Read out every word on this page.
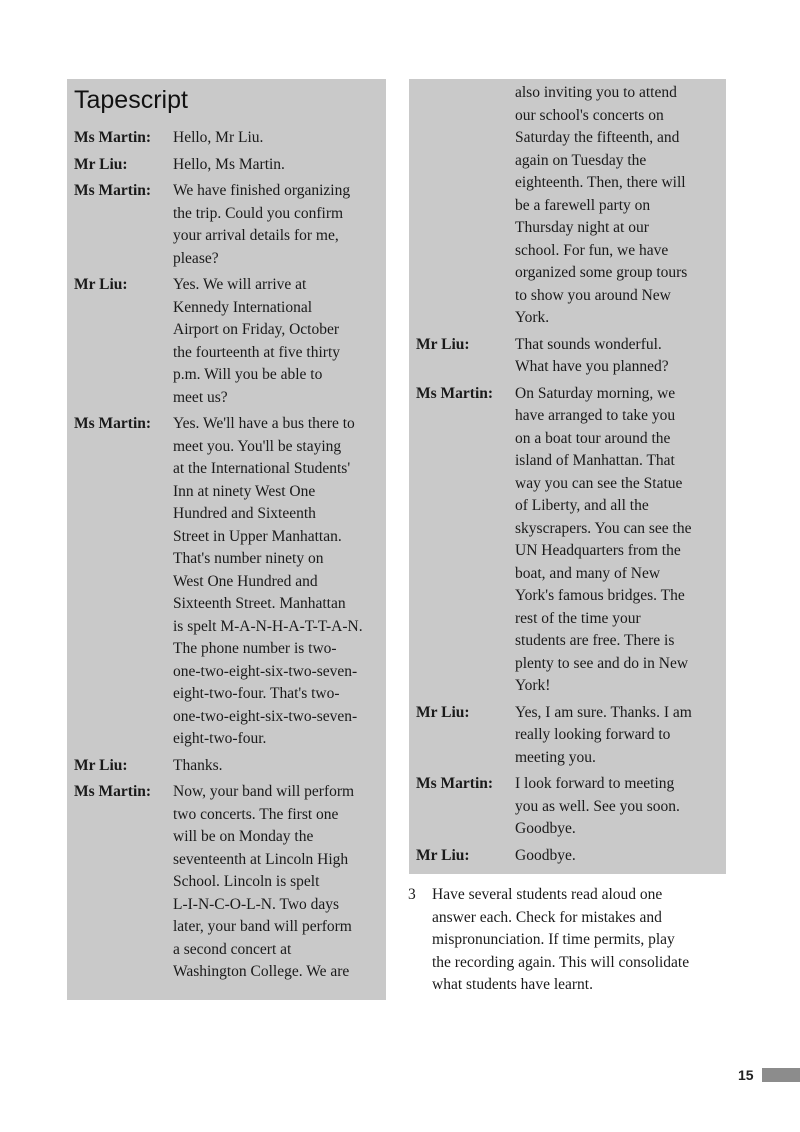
Tapescript
Ms Martin:	Hello, Mr Liu.
Mr Liu:	Hello, Ms Martin.
Ms Martin:	We have finished organizing
the trip. Could you confirm
your arrival details for me,
please?
Mr Liu:	Yes. We will arrive at
Kennedy International
Airport on Friday, October
the fourteenth at five thirty
p.m. Will you be able to
meet us?
Ms Martin:	Yes. We'll have a bus there to
meet you. You'll be staying
at the International Students'
Inn at ninety West One
Hundred and Sixteenth
Street in Upper Manhattan.
That's number ninety on
West One Hundred and
Sixteenth Street. Manhattan
is spelt M-A-N-H-A-T-T-A-N.
The phone number is two-
one-two-eight-six-two-seven-
eight-two-four. That's two-
one-two-eight-six-two-seven-
eight-two-four.
Mr Liu:	Thanks.
Ms Martin:	Now, your band will perform
two concerts. The first one
will be on Monday the
seventeenth at Lincoln High
School. Lincoln is spelt
L-I-N-C-O-L-N. Two days
later, your band will perform
a second concert at
Washington College. We are
also inviting you to attend
our school's concerts on
Saturday the fifteenth, and
again on Tuesday the
eighteenth. Then, there will
be a farewell party on
Thursday night at our
school. For fun, we have
organized some group tours
to show you around New
York.
Mr Liu:	That sounds wonderful.
What have you planned?
Ms Martin:	On Saturday morning, we
have arranged to take you
on a boat tour around the
island of Manhattan. That
way you can see the Statue
of Liberty, and all the
skyscrapers. You can see the
UN Headquarters from the
boat, and many of New
York's famous bridges. The
rest of the time your
students are free. There is
plenty to see and do in New
York!
Mr Liu:	Yes, I am sure. Thanks. I am
really looking forward to
meeting you.
Ms Martin:	I look forward to meeting
you as well. See you soon.
Goodbye.
Mr Liu:	Goodbye.
3	Have several students read aloud one
answer each. Check for mistakes and
mispronunciation. If time permits, play
the recording again. This will consolidate
what students have learnt.
15
